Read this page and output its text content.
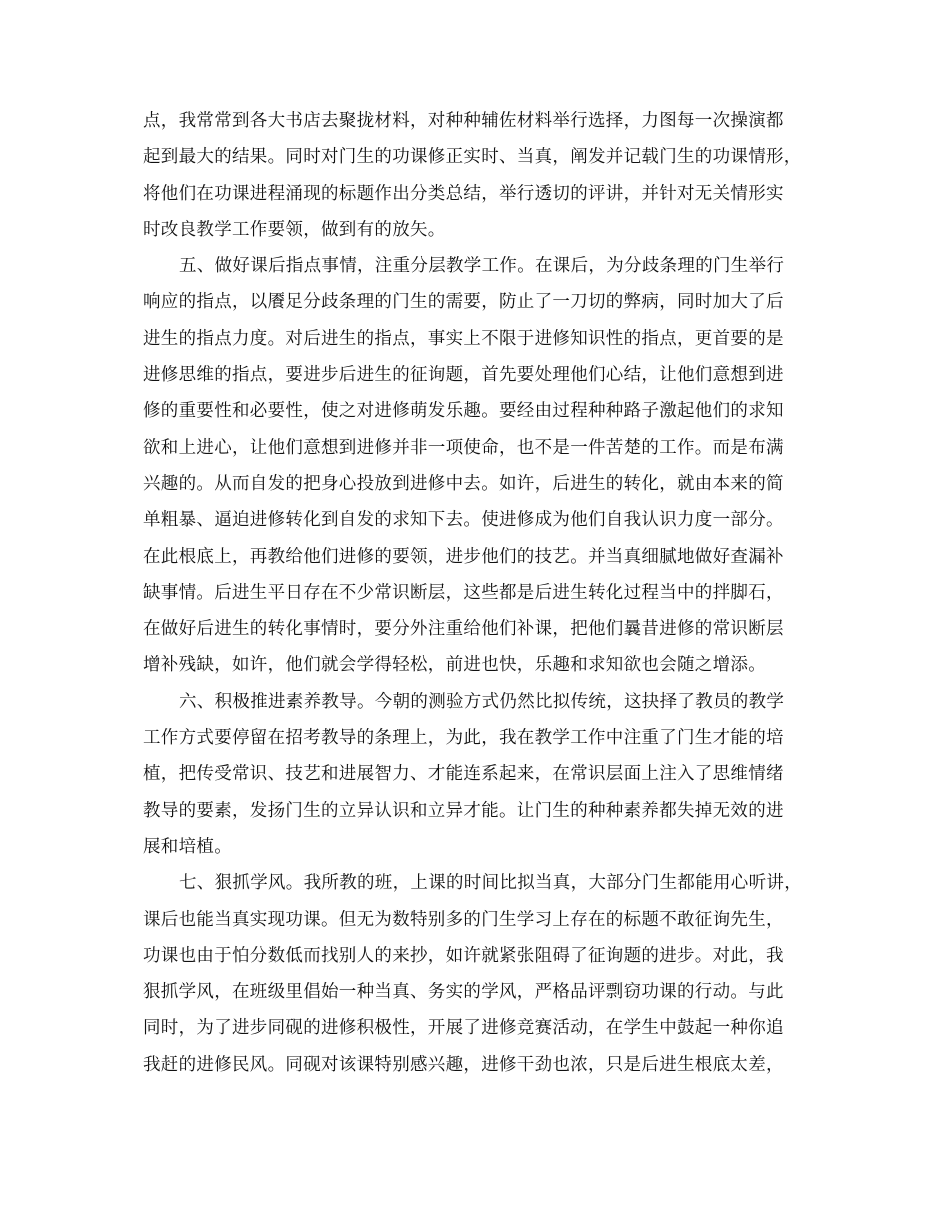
点，我常常到各大书店去聚拢材料，对种种辅佐材料举行选择，力图每一次操演都
起到最大的结果。同时对门生的功课修正实时、当真，阐发并记载门生的功课情形，
将他们在功课进程涌现的标题作出分类总结，举行透切的评讲，并针对无关情形实
时改良教学工作要领，做到有的放矢。
五、做好课后指点事情，注重分层教学工作。在课后，为分歧条理的门生举行
响应的指点，以餍足分歧条理的门生的需要，防止了一刀切的弊病，同时加大了后
进生的指点力度。对后进生的指点，事实上不限于进修知识性的指点，更首要的是
进修思维的指点，要进步后进生的征询题，首先要处理他们心结，让他们意想到进
修的重要性和必要性，使之对进修萌发乐趣。要经由过程种种路子激起他们的求知
欲和上进心，让他们意想到进修并非一项使命，也不是一件苦楚的工作。而是布满
兴趣的。从而自发的把身心投放到进修中去。如许，后进生的转化，就由本来的简
单粗暴、逼迫进修转化到自发的求知下去。使进修成为他们自我认识力度一部分。
在此根底上，再教给他们进修的要领，进步他们的技艺。并当真细腻地做好查漏补
缺事情。后进生平日存在不少常识断层，这些都是后进生转化过程当中的拌脚石，
在做好后进生的转化事情时，要分外注重给他们补课，把他们曩昔进修的常识断层
增补残缺，如许，他们就会学得轻松，前进也快，乐趣和求知欲也会随之增添。
六、积极推进素养教导。今朝的测验方式仍然比拟传统，这抉择了教员的教学
工作方式要停留在招考教导的条理上，为此，我在教学工作中注重了门生才能的培
植，把传受常识、技艺和进展智力、才能连系起来，在常识层面上注入了思维情绪
教导的要素，发扬门生的立异认识和立异才能。让门生的种种素养都失掉无效的进
展和培植。
七、狠抓学风。我所教的班，上课的时间比拟当真，大部分门生都能用心听讲，
课后也能当真实现功课。但无为数特别多的门生学习上存在的标题不敢征询先生，
功课也由于怕分数低而找别人的来抄，如许就紧张阻碍了征询题的进步。对此，我
狠抓学风，在班级里倡始一种当真、务实的学风，严格品评剽窃功课的行动。与此
同时，为了进步同砚的进修积极性，开展了进修竞赛活动，在学生中鼓起一种你追
我赶的进修民风。同砚对该课特别感兴趣，进修干劲也浓，只是后进生根底太差，
